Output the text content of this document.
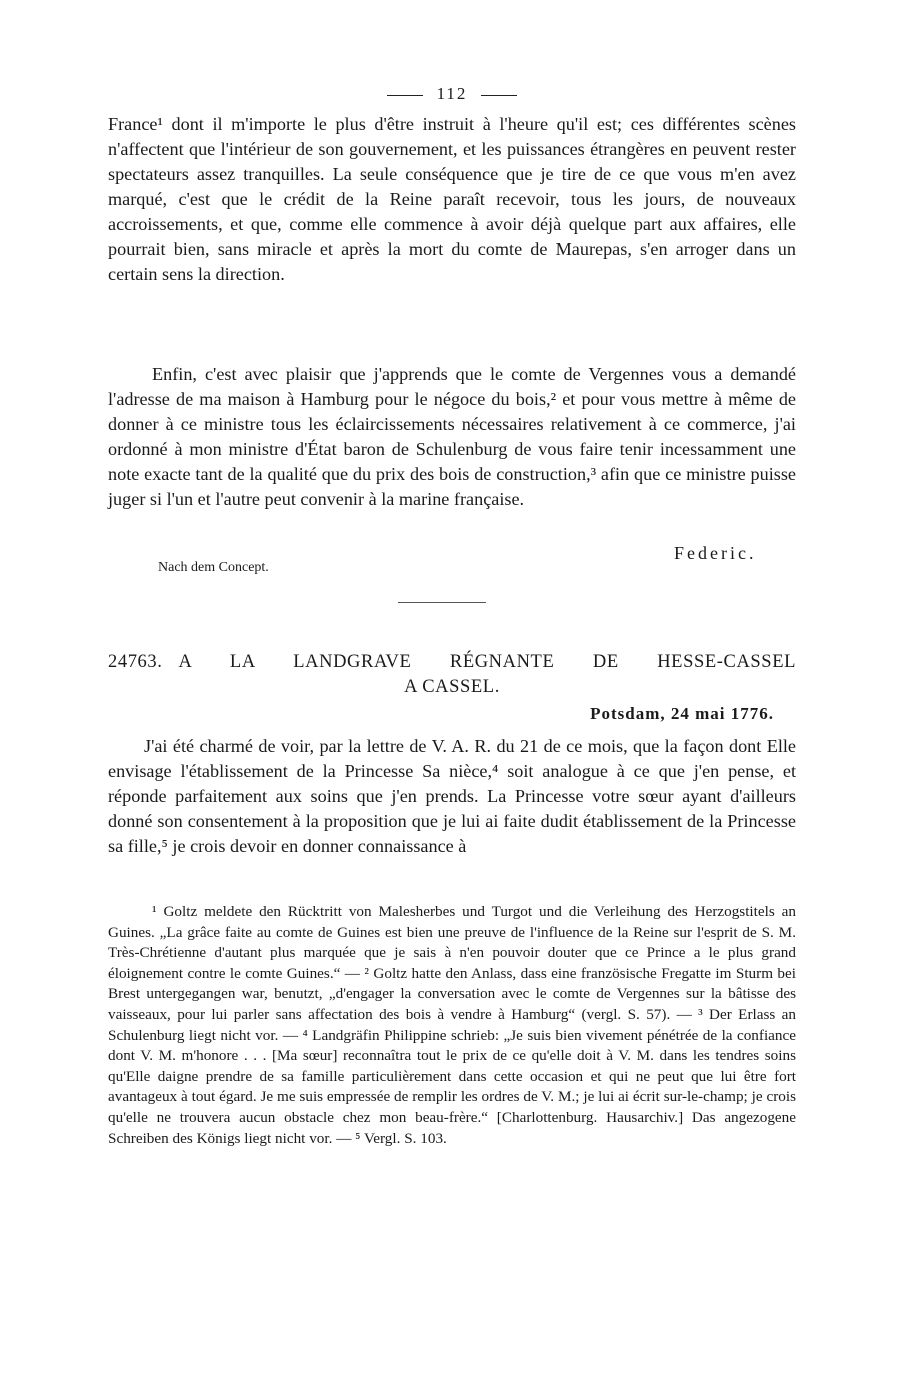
112

France¹ dont il m'importe le plus d'être instruit à l'heure qu'il est; ces différentes scènes n'affectent que l'intérieur de son gouvernement, et les puissances étrangères en peuvent rester spectateurs assez tranquilles. La seule conséquence que je tire de ce que vous m'en avez marqué, c'est que le crédit de la Reine paraît recevoir, tous les jours, de nouveaux accroissements, et que, comme elle commence à avoir déjà quelque part aux affaires, elle pourrait bien, sans miracle et après la mort du comte de Maurepas, s'en arroger dans un certain sens la direction.

Enfin, c'est avec plaisir que j'apprends que le comte de Vergennes vous a demandé l'adresse de ma maison à Hamburg pour le négoce du bois,² et pour vous mettre à même de donner à ce ministre tous les éclaircissements nécessaires relativement à ce commerce, j'ai ordonné à mon ministre d'État baron de Schulenburg de vous faire tenir incessamment une note exacte tant de la qualité que du prix des bois de construction,³ afin que ce ministre puisse juger si l'un et l'autre peut convenir à la marine française.

Federic.
Nach dem Concept.
24763. A LA LANDGRAVE RÉGNANTE DE HESSE-CASSEL
A CASSEL.
Potsdam, 24 mai 1776.

J'ai été charmé de voir, par la lettre de V. A. R. du 21 de ce mois, que la façon dont Elle envisage l'établissement de la Princesse Sa nièce,⁴ soit analogue à ce que j'en pense, et réponde parfaitement aux soins que j'en prends. La Princesse votre sœur ayant d'ailleurs donné son consentement à la proposition que je lui ai faite dudit établissement de la Princesse sa fille,⁵ je crois devoir en donner connaissance à

¹ Goltz meldete den Rücktritt von Malesherbes und Turgot und die Verleihung des Herzogstitels an Guines. „La grâce faite au comte de Guines est bien une preuve de l'influence de la Reine sur l'esprit de S. M. Très-Chrétienne d'autant plus marquée que je sais à n'en pouvoir douter que ce Prince a le plus grand éloignement contre le comte Guines.“ — ² Goltz hatte den Anlass, dass eine französische Fregatte im Sturm bei Brest untergegangen war, benutzt, „d'engager la conversation avec le comte de Vergennes sur la bâtisse des vaisseaux, pour lui parler sans affectation des bois à vendre à Hamburg“ (vergl. S. 57). — ³ Der Erlass an Schulenburg liegt nicht vor. — ⁴ Landgräfin Philippine schrieb: „Je suis bien vivement pénétrée de la confiance dont V. M. m'honore . . . [Ma sœur] reconnaîtra tout le prix de ce qu'elle doit à V. M. dans les tendres soins qu'Elle daigne prendre de sa famille particulièrement dans cette occasion et qui ne peut que lui être fort avantageux à tout égard. Je me suis empressée de remplir les ordres de V. M.; je lui ai écrit sur-le-champ; je crois qu'elle ne trouvera aucun obstacle chez mon beau-frère.“ [Charlottenburg. Hausarchiv.] Das angezogene Schreiben des Königs liegt nicht vor. — ⁵ Vergl. S. 103.
